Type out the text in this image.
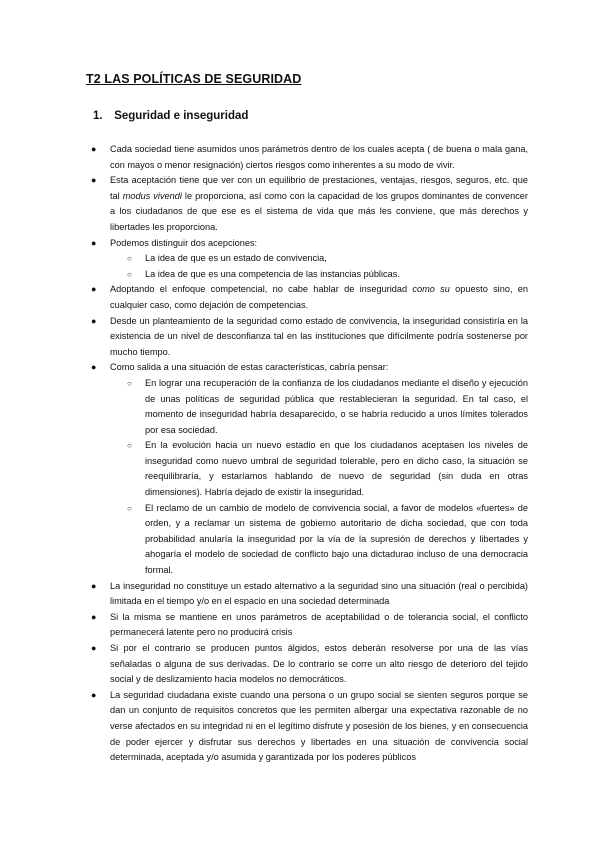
T2 LAS POLÍTICAS DE SEGURIDAD
1. Seguridad e inseguridad
● Cada sociedad tiene asumidos unos parámetros dentro de los cuales acepta ( de buena o mala gana, con mayos o menor resignación) ciertos riesgos como inherentes a su modo de vivir.
● Esta aceptación tiene que ver con un equilibrio de prestaciones, ventajas, riesgos, seguros, etc. que tal modus vivendi le proporciona, así como con la capacidad de los grupos dominantes de convencer a los ciudadanos de que ese es el sistema de vida que más les conviene, que más derechos y libertades les proporciona.
● Podemos distinguir dos acepciones:
○ La idea de que es un estado de convivencia,
○ La idea de que es una competencia de las instancias públicas.
● Adoptando el enfoque competencial, no cabe hablar de inseguridad como su opuesto sino, en cualquier caso, como dejación de competencias.
● Desde un planteamiento de la seguridad como estado de convivencia, la inseguridad consistiría en la existencia de un nivel de desconfianza tal en las instituciones que difícilmente podría sostenerse por mucho tiempo.
● Como salida a una situación de estas características, cabría pensar:
○ En lograr una recuperación de la confianza de los ciudadanos mediante el diseño y ejecución de unas políticas de seguridad pública que restablecieran la seguridad. En tal caso, el momento de inseguridad habría desaparecido, o se habría reducido a unos límites tolerados por esa sociedad.
○ En la evolución hacia un nuevo estadio en que los ciudadanos aceptasen los niveles de inseguridad como nuevo umbral de seguridad tolerable, pero en dicho caso, la situación se reequilibraría, y estaríamos hablando de nuevo de seguridad (sin duda en otras dimensiones). Habría dejado de existir la inseguridad.
○ El reclamo de un cambio de modelo de convivencia social, a favor de modelos «fuertes» de orden, y a reclamar un sistema de gobierno autoritario de dicha sociedad, que con toda probabilidad anularía la inseguridad por la vía de la supresión de derechos y libertades y ahogaría el modelo de sociedad de conflicto bajo una dictadurao incluso de una democracia formal.
● La inseguridad no constituye un estado alternativo a la seguridad sino una situación (real o percibida) limitada en el tiempo y/o en el espacio en una sociedad determinada
● Si la misma se mantiene en unos parámetros de aceptabilidad o de tolerancia social, el conflicto permanecerá latente pero no producirá crisis
● Si por el contrario se producen puntos álgidos, estos deberán resolverse por una de las vías señaladas o alguna de sus derivadas. De lo contrario se corre un alto riesgo de deterioro del tejido social y de deslizamiento hacia modelos no democráticos.
● La seguridad ciudadana existe cuando una persona o un grupo social se sienten seguros porque se dan un conjunto de requisitos concretos que les permiten albergar una expectativa razonable de no verse afectados en su integridad ni en el legítimo disfrute y posesión de los bienes, y en consecuencia de poder ejercer y disfrutar sus derechos y libertades en una situación de convivencia social determinada, aceptada y/o asumida y garantizada por los poderes públicos
